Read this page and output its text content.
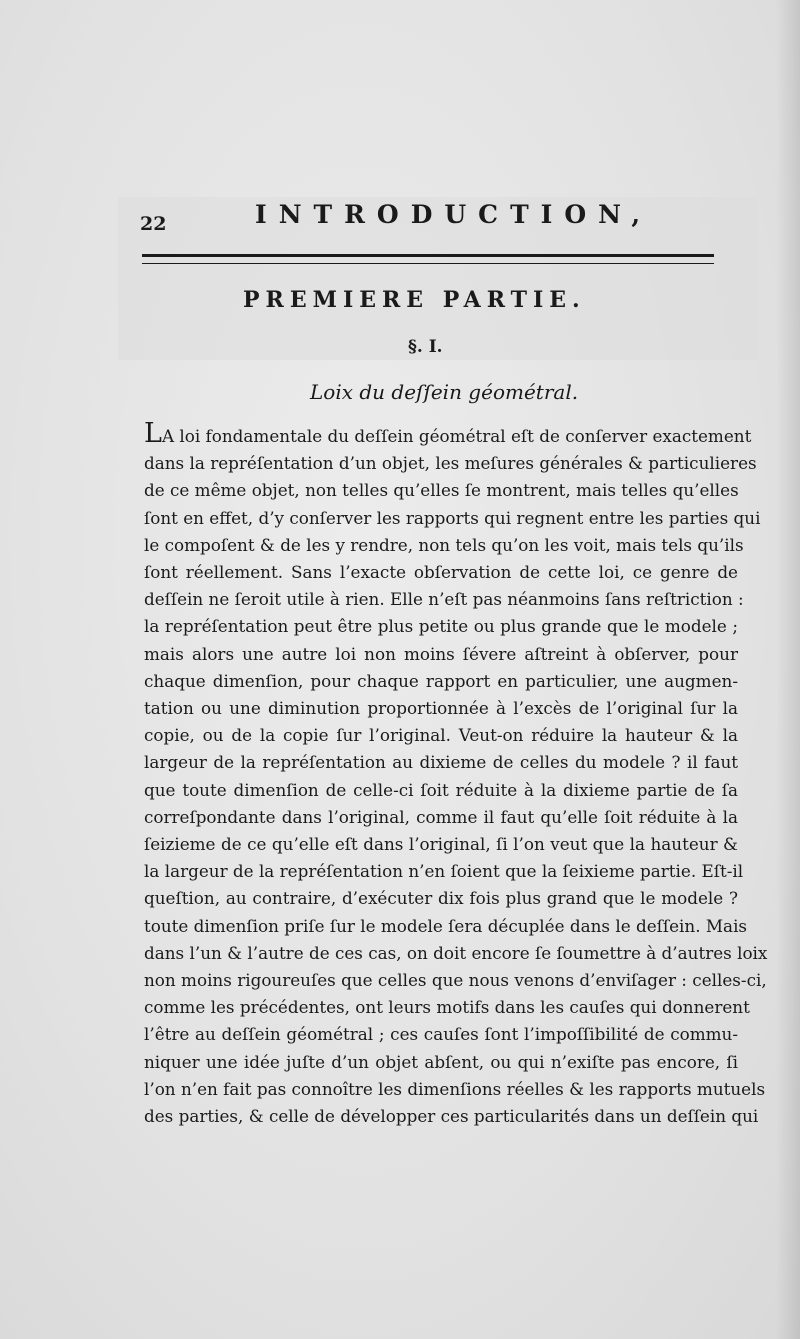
22	INTRODUCTION,
PREMIERE PARTIE.
§. I.
Loix du deſſein géométral.
LA loi fondamentale du deſſein géométral eſt de conſerver exactement
dans la repréſentation d’un objet, les meſures générales & particulieres
de ce même objet, non telles qu’elles ſe montrent, mais telles qu’elles
ſont en effet, d’y conſerver les rapports qui regnent entre les parties qui
le compoſent & de les y rendre, non tels qu’on les voit, mais tels qu’ils
ſont réellement. Sans l’exacte obſervation de cette loi, ce genre de
deſſein ne ſeroit utile à rien. Elle n’eſt pas néanmoins ſans reſtriction :
la repréſentation peut être plus petite ou plus grande que le modele ;
mais alors une autre loi non moins ſévere aſtreint à obſerver, pour
chaque dimenſion, pour chaque rapport en particulier, une augmen-
tation ou une diminution proportionnée à l’excès de l’original ſur la
copie, ou de la copie ſur l’original. Veut-on réduire la hauteur & la
largeur de la repréſentation au dixieme de celles du modele ? il faut
que toute dimenſion de celle-ci ſoit réduite à la dixieme partie de ſa
correſpondante dans l’original, comme il faut qu’elle ſoit réduite à la
ſeizieme de ce qu’elle eſt dans l’original, ſi l’on veut que la hauteur &
la largeur de la repréſentation n’en ſoient que la ſeixieme partie. Eſt-il
queſtion, au contraire, d’exécuter dix fois plus grand que le modele ?
toute dimenſion priſe ſur le modele ſera décuplée dans le deſſein. Mais
dans l’un & l’autre de ces cas, on doit encore ſe ſoumettre à d’autres loix
non moins rigoureuſes que celles que nous venons d’enviſager : celles-ci,
comme les précédentes, ont leurs motifs dans les cauſes qui donnerent
l’être au deſſein géométral ; ces cauſes ſont l’impoſſibilité de commu-
niquer une idée juſte d’un objet abſent, ou qui n’exiſte pas encore, ſi
l’on n’en fait pas connoître les dimenſions réelles & les rapports mutuels
des parties, & celle de développer ces particularités dans un deſſein qui
